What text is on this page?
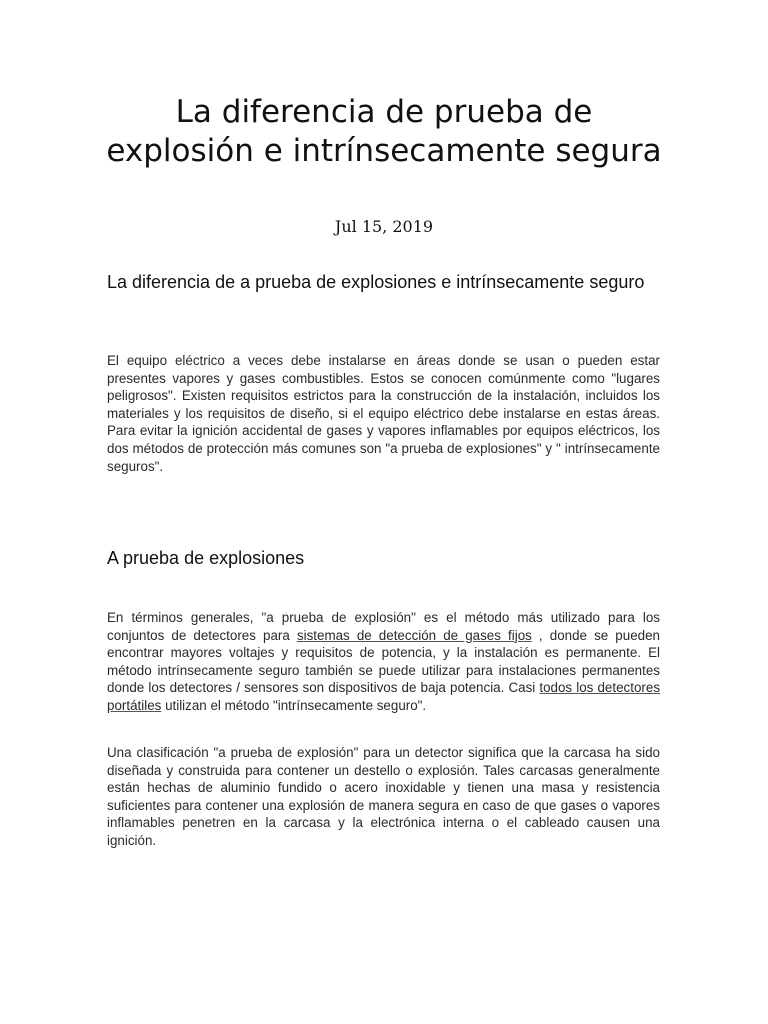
La diferencia de prueba de explosión e intrínsecamente segura
Jul 15, 2019
La diferencia de a prueba de explosiones e intrínsecamente seguro

El equipo eléctrico a veces debe instalarse en áreas donde se usan o pueden estar presentes vapores y gases combustibles. Estos se conocen comúnmente como "lugares peligrosos". Existen requisitos estrictos para la construcción de la instalación, incluidos los materiales y los requisitos de diseño, si el equipo eléctrico debe instalarse en estas áreas. Para evitar la ignición accidental de gases y vapores inflamables por equipos eléctricos, los dos métodos de protección más comunes son "a prueba de explosiones" y " intrínsecamente seguros".

A prueba de explosiones

En términos generales, "a prueba de explosión" es el método más utilizado para los conjuntos de detectores para sistemas de detección de gases fijos , donde se pueden encontrar mayores voltajes y requisitos de potencia, y la instalación es permanente. El método intrínsecamente seguro también se puede utilizar para instalaciones permanentes donde los detectores / sensores son dispositivos de baja potencia. Casi todos los detectores portátiles utilizan el método "intrínsecamente seguro".

Una clasificación "a prueba de explosión" para un detector significa que la carcasa ha sido diseñada y construida para contener un destello o explosión. Tales carcasas generalmente están hechas de aluminio fundido o acero inoxidable y tienen una masa y resistencia suficientes para contener una explosión de manera segura en caso de que gases o vapores inflamables penetren en la carcasa y la electrónica interna o el cableado causen una ignición.
